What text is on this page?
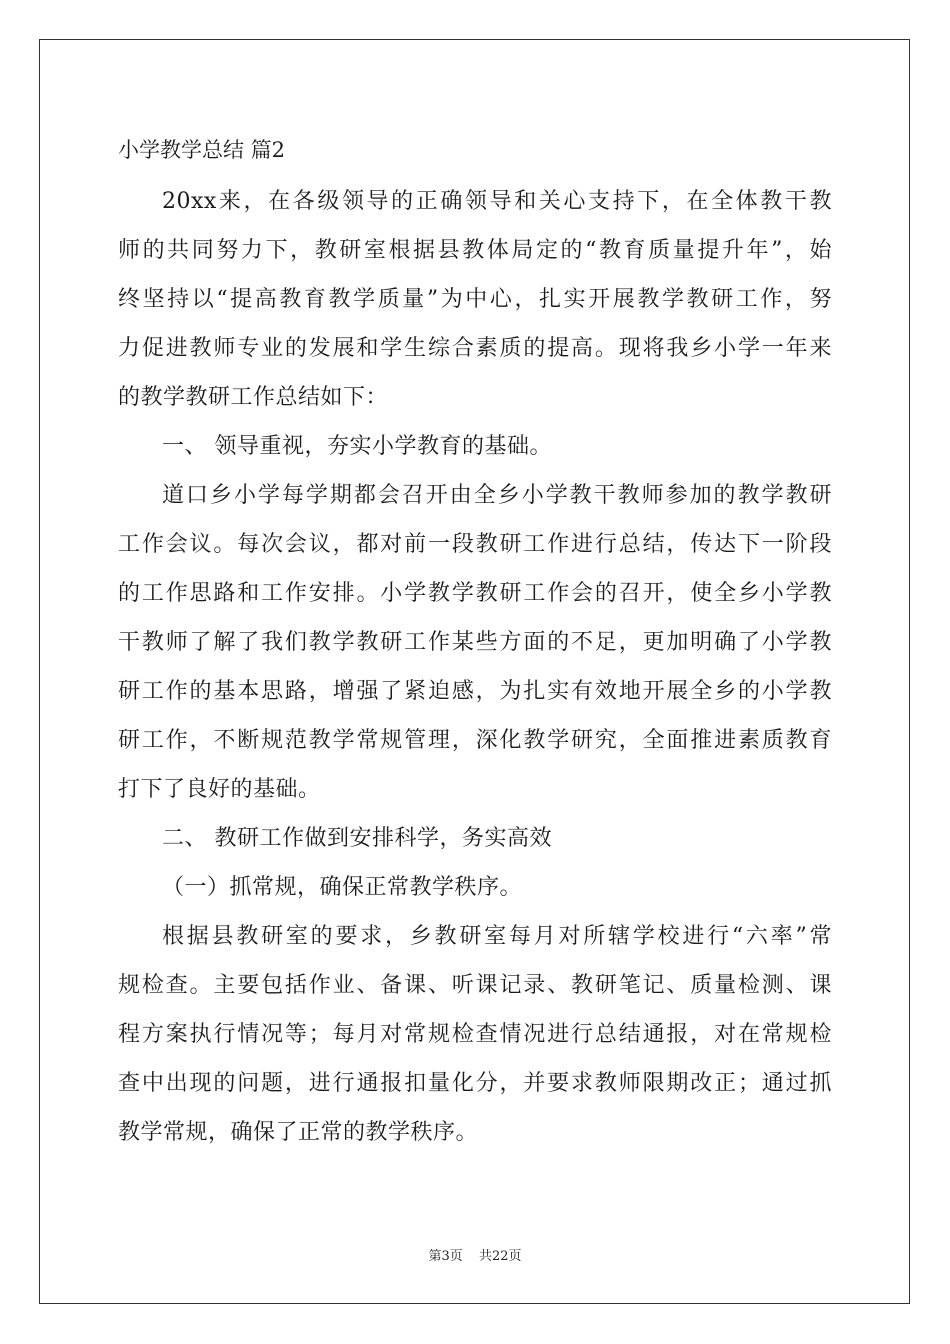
小学教学总结 篇2
20xx来，在各级领导的正确领导和关心支持下，在全体教干教
师的共同努力下，教研室根据县教体局定的“教育质量提升年”，始
终坚持以“提高教育教学质量”为中心，扎实开展教学教研工作，努
力促进教师专业的发展和学生综合素质的提高。现将我乡小学一年来
的教学教研工作总结如下：
一、 领导重视，夯实小学教育的基础。
道口乡小学每学期都会召开由全乡小学教干教师参加的教学教研
工作会议。每次会议，都对前一段教研工作进行总结，传达下一阶段
的工作思路和工作安排。小学教学教研工作会的召开，使全乡小学教
干教师了解了我们教学教研工作某些方面的不足，更加明确了小学教
研工作的基本思路，增强了紧迫感，为扎实有效地开展全乡的小学教
研工作，不断规范教学常规管理，深化教学研究，全面推进素质教育
打下了良好的基础。
二、 教研工作做到安排科学，务实高效
（一）抓常规，确保正常教学秩序。
根据县教研室的要求，乡教研室每月对所辖学校进行“六率”常
规检查。主要包括作业、备课、听课记录、教研笔记、质量检测、课
程方案执行情况等；每月对常规检查情况进行总结通报，对在常规检
查中出现的问题，进行通报扣量化分，并要求教师限期改正；通过抓
教学常规，确保了正常的教学秩序。
第3页 共22页
